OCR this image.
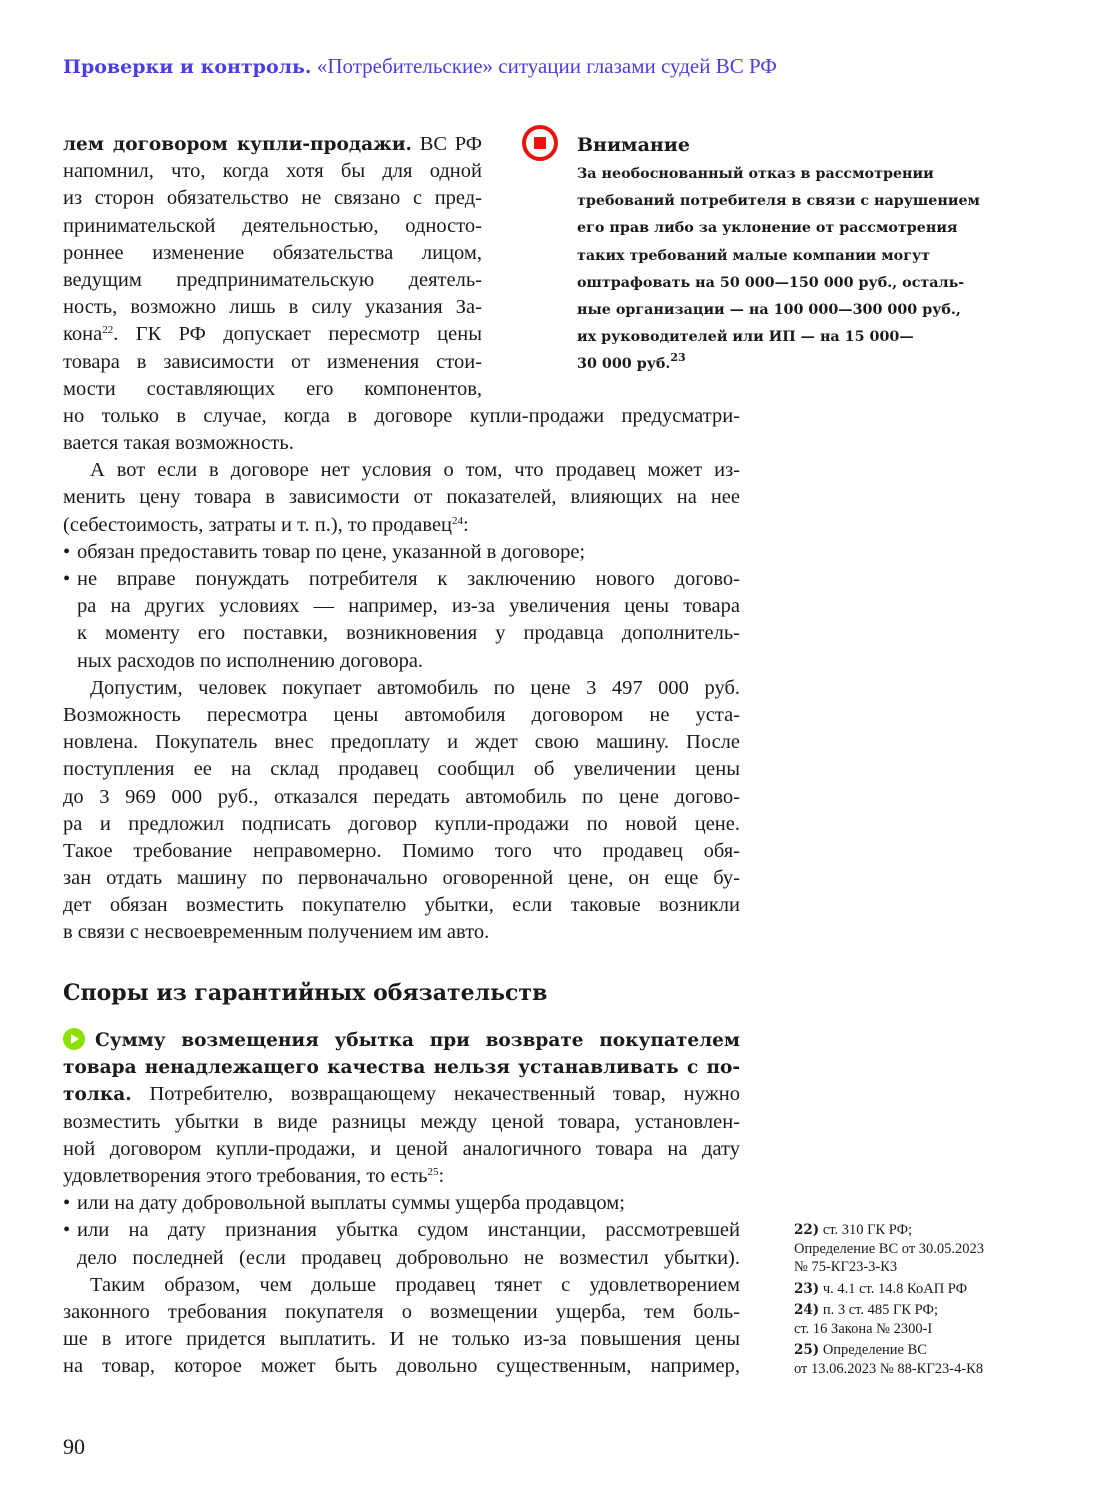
Проверки и контроль. «Потребительские» ситуации глазами судей ВС РФ
лем договором купли-продажи. ВС РФ
напомнил, что, когда хотя бы для одной
из сторон обязательство не связано с пред-
принимательской деятельностью, односто-
роннее изменение обязательства лицом,
ведущим предпринимательскую деятель-
ность, возможно лишь в силу указания За-
кона$^{22}$. ГК РФ допускает пересмотр цены
товара в зависимости от изменения стои-
мости составляющих его компонентов,
но только в случае, когда в договоре купли-продажи предусматри-
вается такая возможность.
А вот если в договоре нет условия о том, что продавец может из-
менить цену товара в зависимости от показателей, влияющих на нее
(себестоимость, затраты и т. п.), то продавец$^{24}$:
• обязан предоставить товар по цене, указанной в договоре;
• не вправе понуждать потребителя к заключению нового догово-
ра на других условиях — например, из-за увеличения цены товара
к моменту его поставки, возникновения у продавца дополнитель-
ных расходов по исполнению договора.
Допустим, человек покупает автомобиль по цене 3 497 000 руб.
Возможность пересмотра цены автомобиля договором не уста-
новлена. Покупатель внес предоплату и ждет свою машину. После
поступления ее на склад продавец сообщил об увеличении цены
до 3 969 000 руб., отказался передать автомобиль по цене догово-
ра и предложил подписать договор купли-продажи по новой цене.
Такое требование неправомерно. Помимо того что продавец обя-
зан отдать машину по первоначально оговоренной цене, он еще бу-
дет обязан возместить покупателю убытки, если таковые возникли
в связи с несвоевременным получением им авто.
Внимание
За необоснованный отказ в рассмотрении
требований потребителя в связи с нарушением
его прав либо за уклонение от рассмотрения
таких требований малые компании могут
оштрафовать на 50 000—150 000 руб., осталь-
ные организации — на 100 000—300 000 руб.,
их руководителей или ИП — на 15 000—
30 000 руб.$^{23}$
Споры из гарантийных обязательств
Сумму возмещения убытка при возврате покупателем
товара ненадлежащего качества нельзя устанавливать с по-
толка. Потребителю, возвращающему некачественный товар, нужно
возместить убытки в виде разницы между ценой товара, установлен-
ной договором купли-продажи, и ценой аналогичного товара на дату
удовлетворения этого требования, то есть$^{25}$:
• или на дату добровольной выплаты суммы ущерба продавцом;
• или на дату признания убытка судом инстанции, рассмотревшей
дело последней (если продавец добровольно не возместил убытки).
Таким образом, чем дольше продавец тянет с удовлетворением
законного требования покупателя о возмещении ущерба, тем боль-
ше в итоге придется выплатить. И не только из-за повышения цены
на товар, которое может быть довольно существенным, например,
22) ст. 310 ГК РФ;
Определение ВС от 30.05.2023
№ 75-КГ23-3-К3
23) ч. 4.1 ст. 14.8 КоАП РФ
24) п. 3 ст. 485 ГК РФ;
ст. 16 Закона № 2300-I
25) Определение ВС
от 13.06.2023 № 88-КГ23-4-К8
90
